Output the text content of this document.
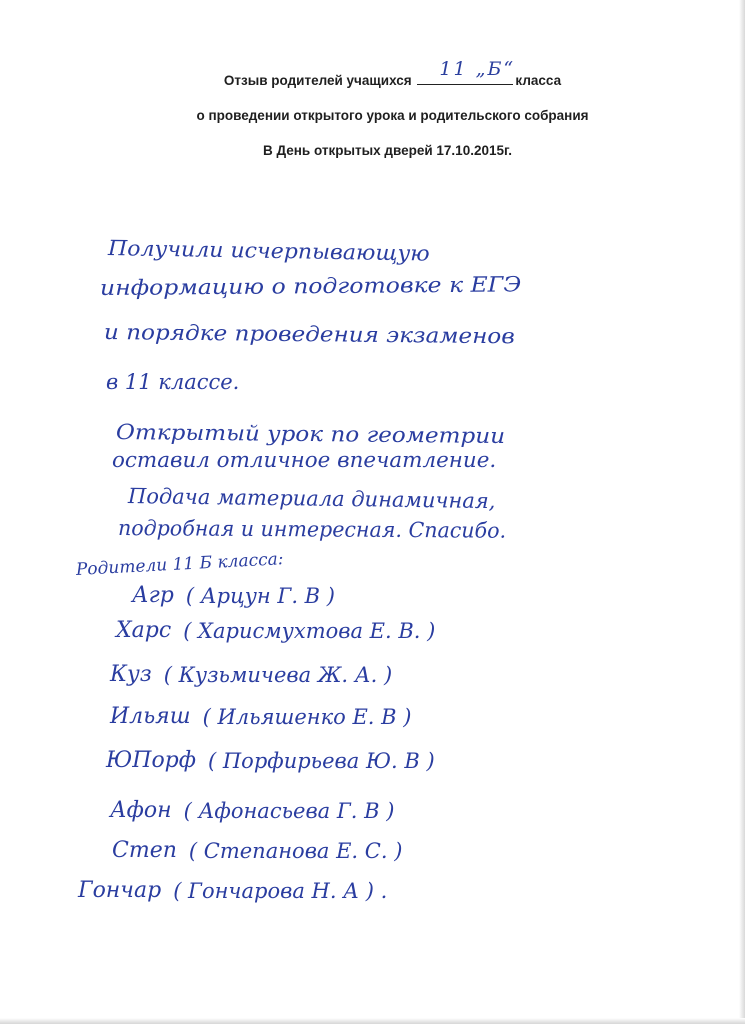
Отзыв родителей учащихся
11 „Б“
класса
о проведении открытого урока и родительского собрания
В День открытых дверей 17.10.2015г.
Получили исчерпывающую
информацию о подготовке к ЕГЭ
и порядке проведения экзаменов
в 11 классе.
Открытый урок по геометрии
оставил отличное впечатление.
Подача материала динамичная,
подробная и интересная. Спасибо.
Родители 11 Б класса:
Агр ( Арцун Г. В )
Харс ( Харисмухтова Е. В. )
Куз ( Кузьмичева Ж. А. )
Ильяш ( Ильяшенко Е. В )
ЮПорф ( Порфирьева Ю. В )
Афон ( Афонасьева Г. В )
Степ ( Степанова Е. С. )
Гончар ( Гончарова Н. А ) .
